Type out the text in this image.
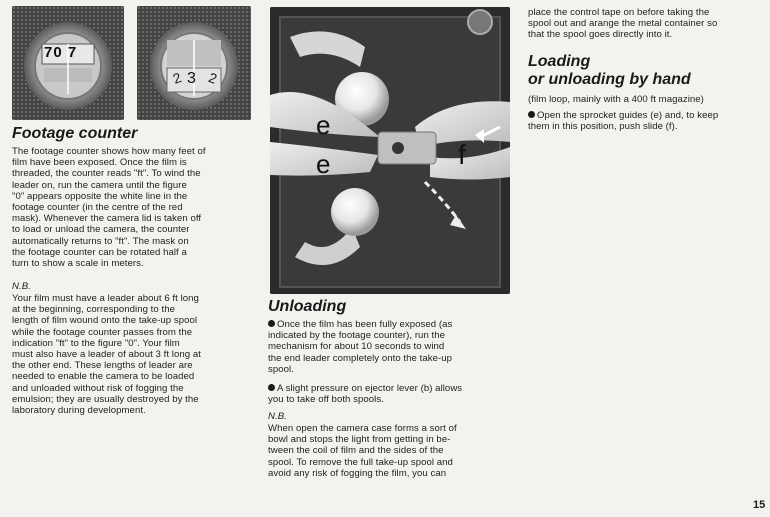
70 7
2 3 2
Footage counter

The footage counter shows how many feet of
film have been exposed. Once the film is
threaded, the counter reads "ft". To wind the
leader on, run the camera until the figure
"0" appears opposite the white line in the
footage counter (in the centre of the red
mask). Whenever the camera lid is taken off
to load or unload the camera, the counter
automatically returns to "ft". The mask on
the footage counter can be rotated half a
turn to show a scale in meters.

N.B.

Your film must have a leader about 6 ft long
at the beginning, corresponding to the
length of film wound onto the take-up spool
while the footage counter passes from the
indication "ft" to the figure "0". Your film
must also have a leader of about 3 ft long at
the other end. These lengths of leader are
needed to enable the camera to be loaded
and unloaded without risk of fogging the
emulsion; they are usually destroyed by the
laboratory during development.

e
e	f
Unloading

Once the film has been fully exposed (as
indicated by the footage counter), run the
mechanism for about 10 seconds to wind
the end leader completely onto the take-up
spool.

A slight pressure on ejector lever (b) allows
you to take off both spools.

N.B.

When open the camera case forms a sort of
bowl and stops the light from getting in be-
tween the coil of film and the sides of the
spool. To remove the full take-up spool and
avoid any risk of fogging the film, you can

place the control tape on before taking the
spool out and arange the metal container so
that the spool goes directly into it.

Loading
or unloading by hand

(film loop, mainly with a 400 ft magazine)

Open the sprocket guides (e) and, to keep
them in this position, push slide (f).

15
